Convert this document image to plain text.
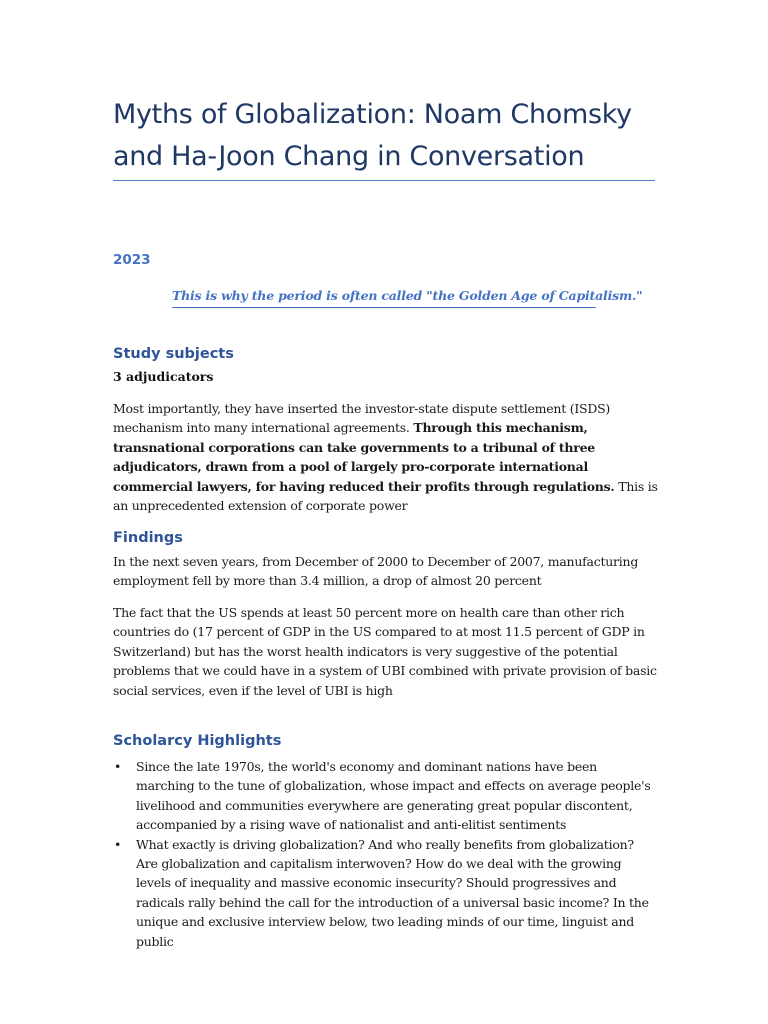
Myths of Globalization: Noam Chomsky and Ha-Joon Chang in Conversation
2023
This is why the period is often called "the Golden Age of Capitalism."
Study subjects
3 adjudicators

Most importantly, they have inserted the investor-state dispute settlement (ISDS) mechanism into many international agreements. Through this mechanism, transnational corporations can take governments to a tribunal of three adjudicators, drawn from a pool of largely pro-corporate international commercial lawyers, for having reduced their profits through regulations. This is an unprecedented extension of corporate power

Findings

In the next seven years, from December of 2000 to December of 2007, manufacturing employment fell by more than 3.4 million, a drop of almost 20 percent

The fact that the US spends at least 50 percent more on health care than other rich countries do (17 percent of GDP in the US compared to at most 11.5 percent of GDP in Switzerland) but has the worst health indicators is very suggestive of the potential problems that we could have in a system of UBI combined with private provision of basic social services, even if the level of UBI is high

Scholarcy Highlights
• Since the late 1970s, the world's economy and dominant nations have been marching to the tune of globalization, whose impact and effects on average people's livelihood and communities everywhere are generating great popular discontent, accompanied by a rising wave of nationalist and anti-elitist sentiments
• What exactly is driving globalization? And who really benefits from globalization? Are globalization and capitalism interwoven? How do we deal with the growing levels of inequality and massive economic insecurity? Should progressives and radicals rally behind the call for the introduction of a universal basic income? In the unique and exclusive interview below, two leading minds of our time, linguist and public
